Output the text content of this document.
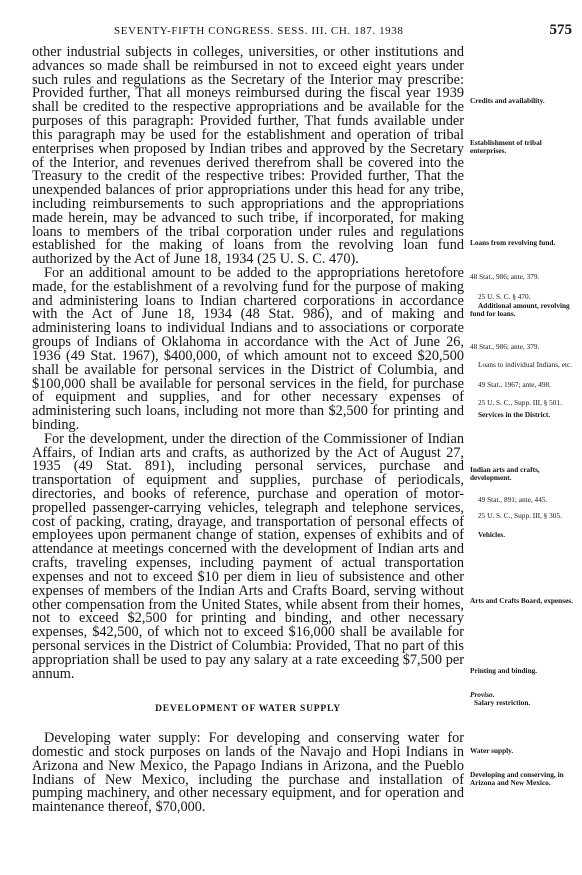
SEVENTY-FIFTH CONGRESS. SESS. III. CH. 187. 1938	575

other industrial subjects in colleges, universities, or other institutions and advances so made shall be reimbursed in not to exceed eight years under such rules and regulations as the Secretary of the Interior may prescribe: Provided further, That all moneys reimbursed during the fiscal year 1939 shall be credited to the respective appropriations and be available for the purposes of this paragraph: Provided further, That funds available under this paragraph may be used for the establishment and operation of tribal enterprises when proposed by Indian tribes and approved by the Secretary of the Interior, and revenues derived therefrom shall be covered into the Treasury to the credit of the respective tribes: Provided further, That the unexpended balances of prior appropriations under this head for any tribe, including reimbursements to such appropriations and the appropriations made herein, may be advanced to such tribe, if incorporated, for making loans to members of the tribal corporation under rules and regulations established for the making of loans from the revolving loan fund authorized by the Act of June 18, 1934 (25 U. S. C. 470).

For an additional amount to be added to the appropriations heretofore made, for the establishment of a revolving fund for the purpose of making and administering loans to Indian chartered corporations in accordance with the Act of June 18, 1934 (48 Stat. 986), and of making and administering loans to individual Indians and to associations or corporate groups of Indians of Oklahoma in accordance with the Act of June 26, 1936 (49 Stat. 1967), $400,000, of which amount not to exceed $20,500 shall be available for personal services in the District of Columbia, and $100,000 shall be available for personal services in the field, for purchase of equipment and supplies, and for other necessary expenses of administering such loans, including not more than $2,500 for printing and binding.

For the development, under the direction of the Commissioner of Indian Affairs, of Indian arts and crafts, as authorized by the Act of August 27, 1935 (49 Stat. 891), including personal services, purchase and transportation of equipment and supplies, purchase of periodicals, directories, and books of reference, purchase and operation of motor-propelled passenger-carrying vehicles, telegraph and telephone services, cost of packing, crating, drayage, and transportation of personal effects of employees upon permanent change of station, expenses of exhibits and of attendance at meetings concerned with the development of Indian arts and crafts, traveling expenses, including payment of actual transportation expenses and not to exceed $10 per diem in lieu of subsistence and other expenses of members of the Indian Arts and Crafts Board, serving without other compensation from the United States, while absent from their homes, not to exceed $2,500 for printing and binding, and other necessary expenses, $42,500, of which not to exceed $16,000 shall be available for personal services in the District of Columbia: Provided, That no part of this appropriation shall be used to pay any salary at a rate exceeding $7,500 per annum.

DEVELOPMENT OF WATER SUPPLY

Developing water supply: For developing and conserving water for domestic and stock purposes on lands of the Navajo and Hopi Indians in Arizona and New Mexico, the Papago Indians in Arizona, and the Pueblo Indians of New Mexico, including the purchase and installation of pumping machinery, and other necessary equipment, and for operation and maintenance thereof, $70,000.

Credits and availability.

Establishment of tribal enterprises.

Loans from revolving fund.

48 Stat., 986; ante, 379.

25 U. S. C. § 470.

Additional amount, revolving fund for loans.

48 Stat., 986; ante, 379.

Loans to individual Indians, etc.

49 Stat., 1967; ante, 498.

25 U. S. C., Supp. III, § 501.

Services in the District.

Indian arts and crafts, development.

49 Stat., 891; ante, 445.

25 U. S. C., Supp. III, § 305.

Vehicles.

Arts and Crafts Board, expenses.

Printing and binding.

Proviso.

Salary restriction.

Water supply.

Developing and conserving, in Arizona and New Mexico.
